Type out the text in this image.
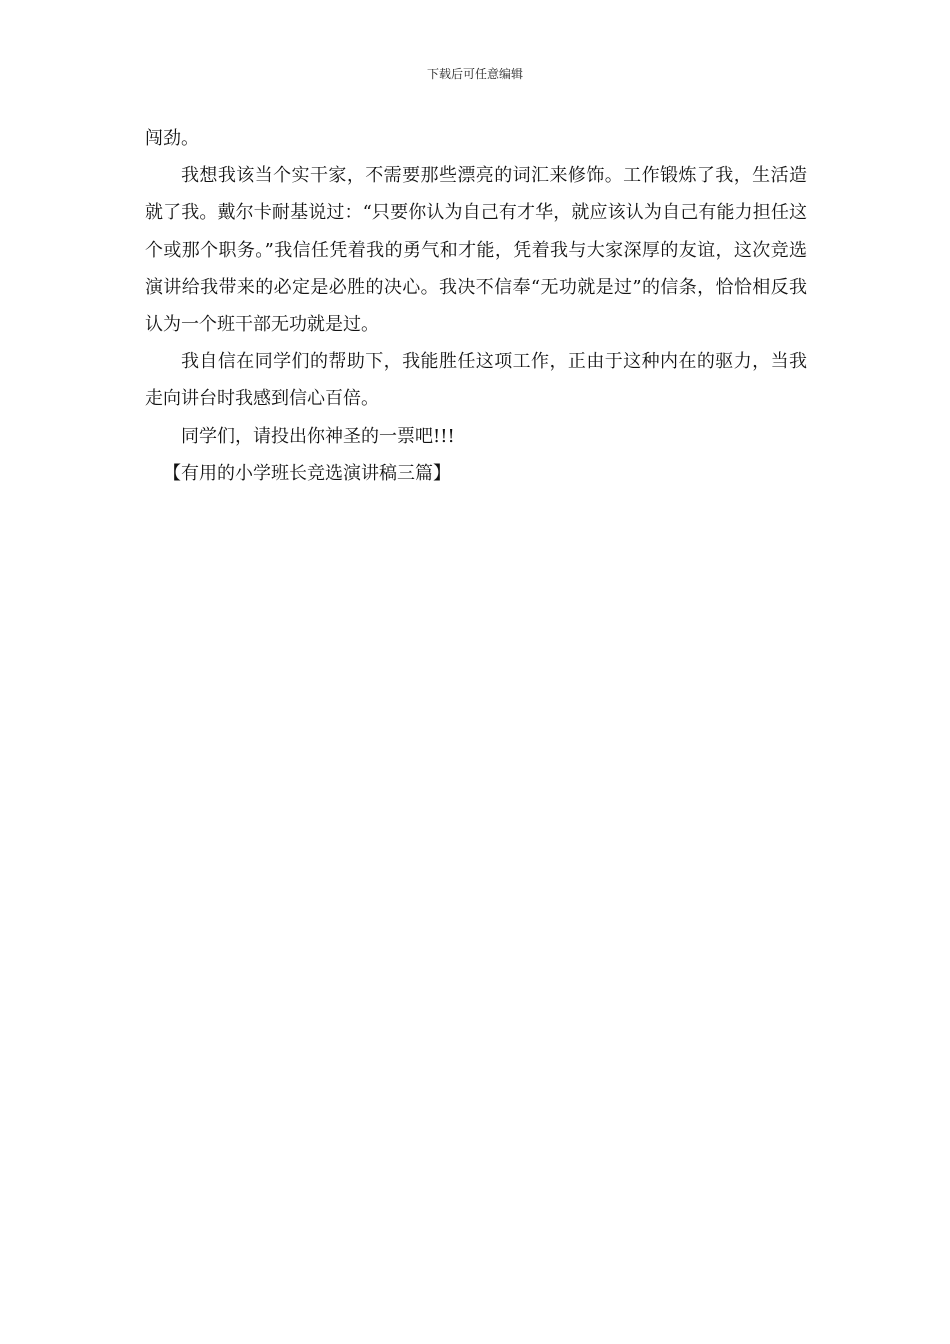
下载后可任意编辑

闯劲。

我想我该当个实干家，不需要那些漂亮的词汇来修饰。工作锻炼了我，生活造就了我。戴尔卡耐基说过：“只要你认为自己有才华，就应该认为自己有能力担任这个或那个职务。”我信任凭着我的勇气和才能，凭着我与大家深厚的友谊，这次竞选演讲给我带来的必定是必胜的决心。我决不信奉“无功就是过”的信条，恰恰相反我认为一个班干部无功就是过。

我自信在同学们的帮助下，我能胜任这项工作，正由于这种内在的驱力，当我走向讲台时我感到信心百倍。

同学们，请投出你神圣的一票吧!!!

【有用的小学班长竞选演讲稿三篇】
